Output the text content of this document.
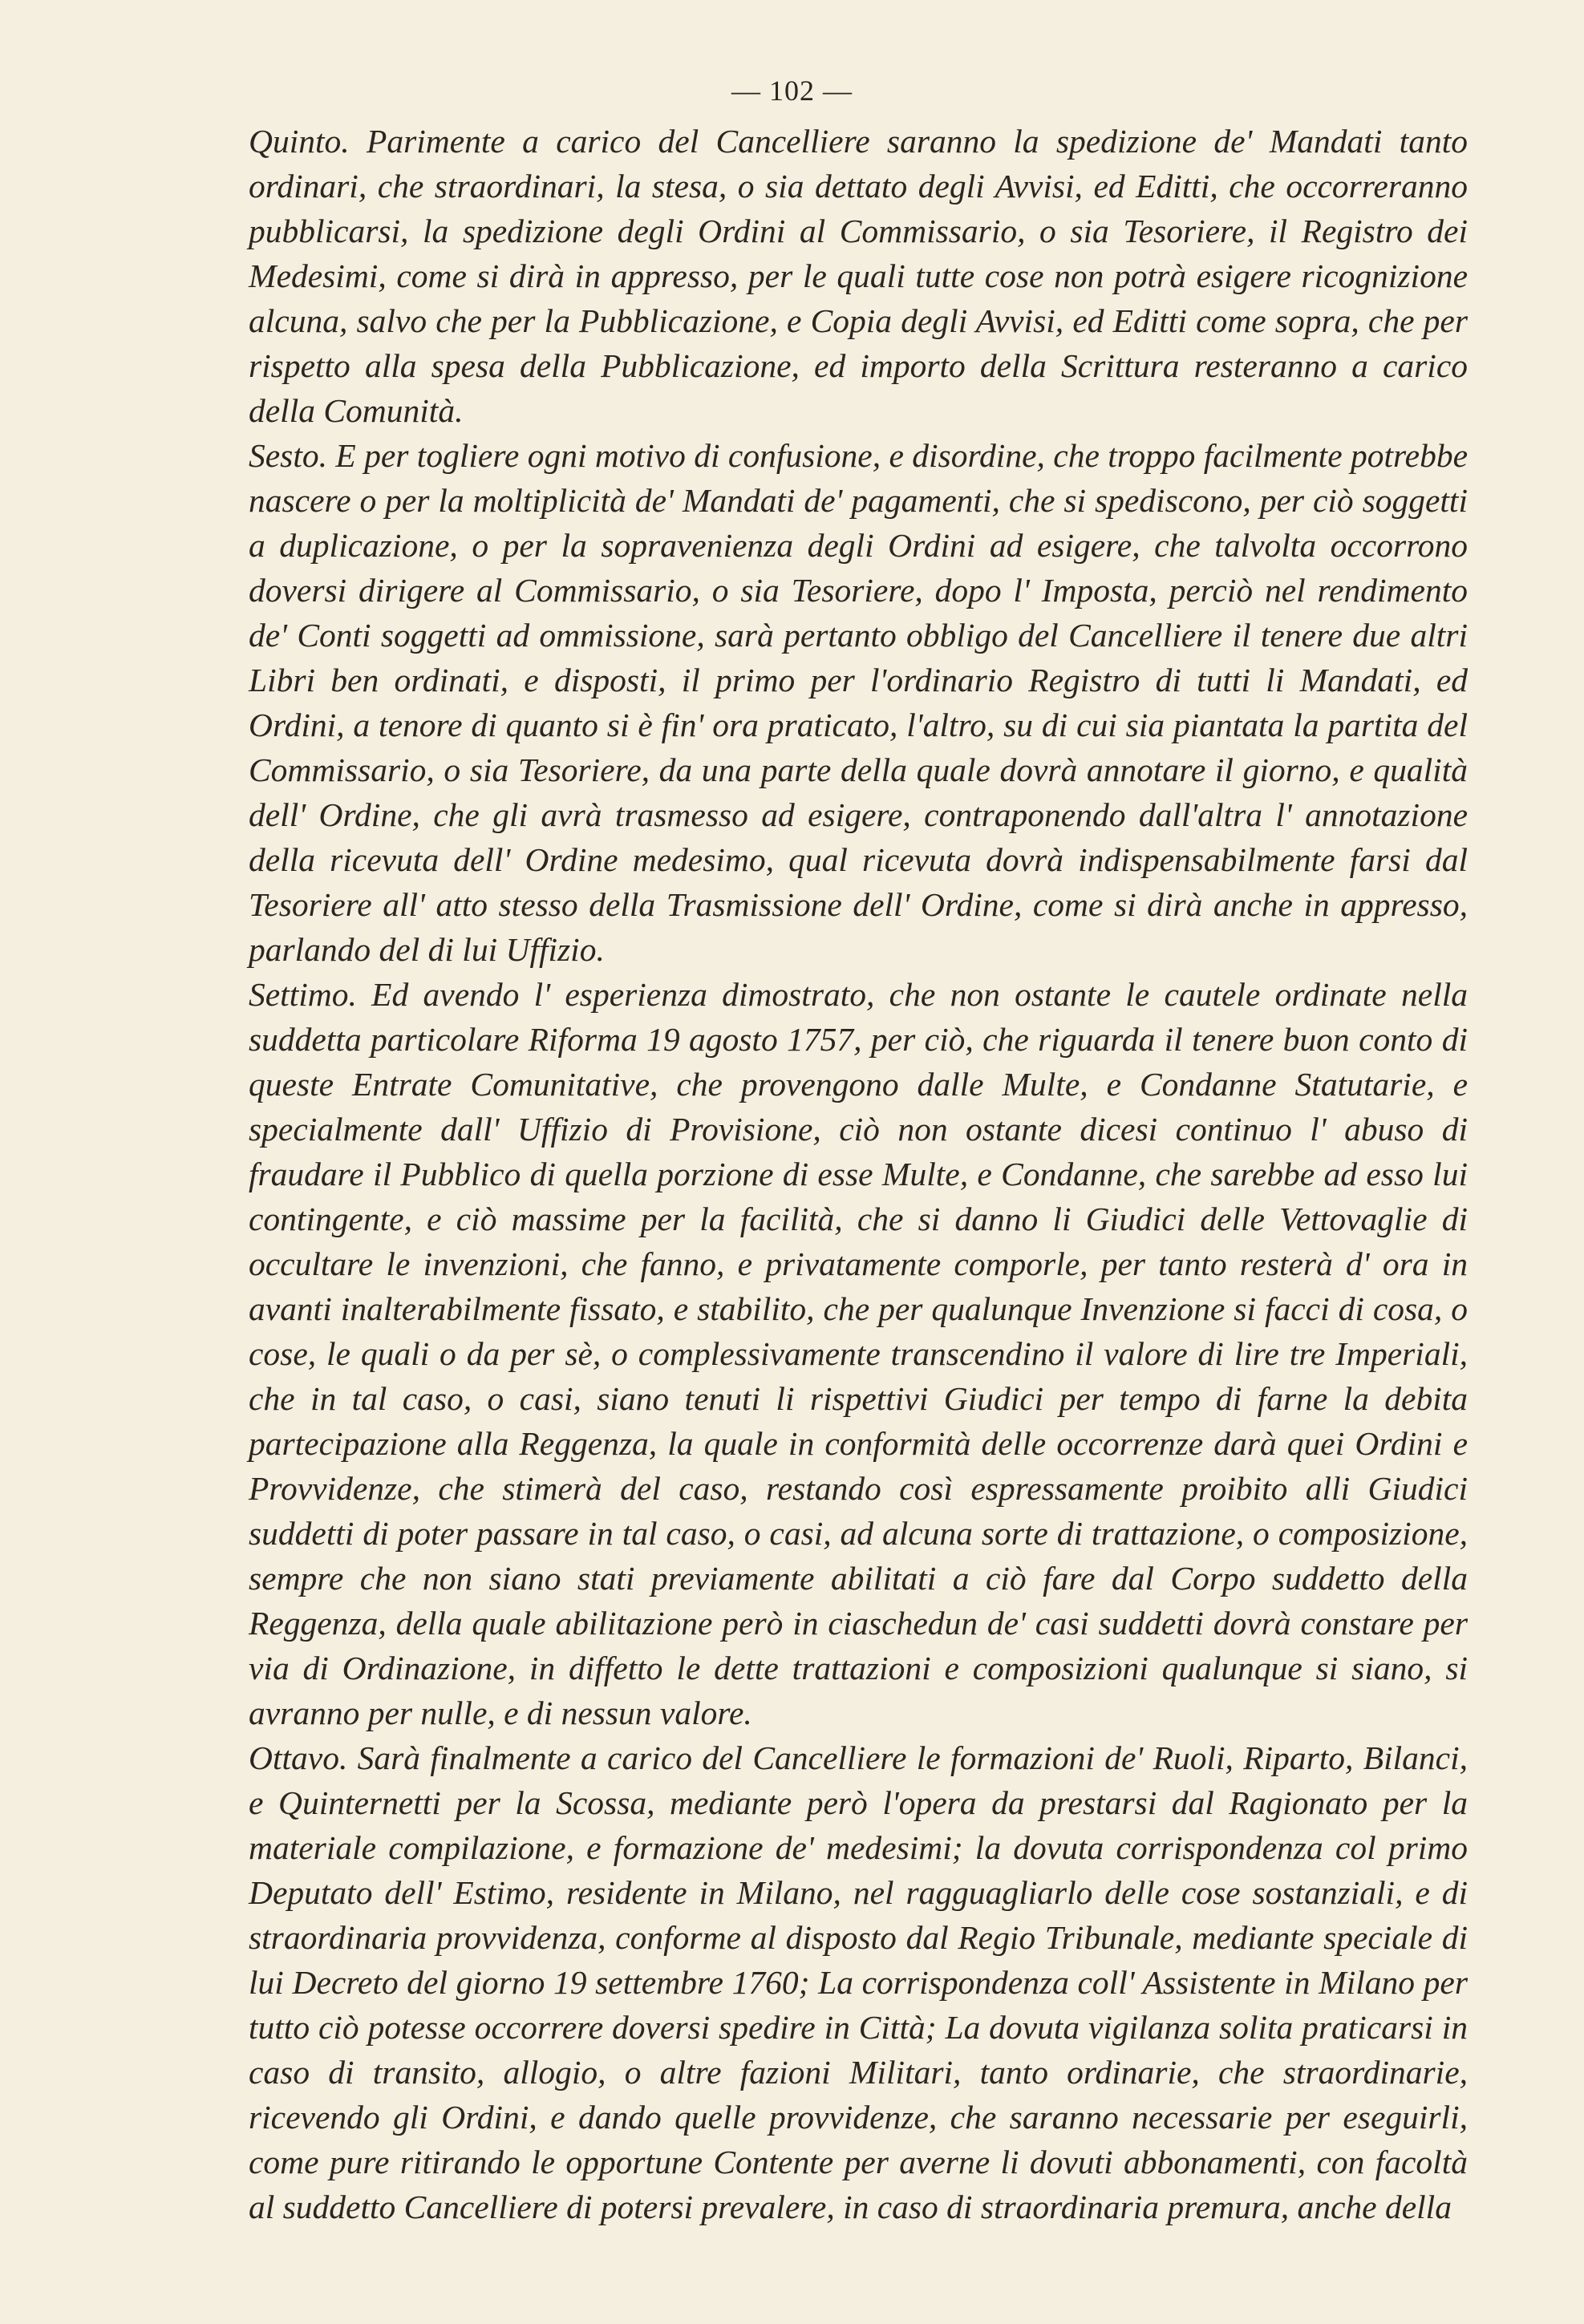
— 102 —

Quinto. Parimente a carico del Cancelliere saranno la spedizione de' Mandati tanto ordinari, che straordinari, la stesa, o sia dettato degli Avvisi, ed Editti, che occorreranno pubblicarsi, la spedizione degli Ordini al Commissario, o sia Tesoriere, il Registro dei Medesimi, come si dirà in appresso, per le quali tutte cose non potrà esigere ricognizione alcuna, salvo che per la Pubblicazione, e Copia degli Avvisi, ed Editti come sopra, che per rispetto alla spesa della Pubblicazione, ed importo della Scrittura resteranno a carico della Comunità.

Sesto. E per togliere ogni motivo di confusione, e disordine, che troppo facilmente potrebbe nascere o per la moltiplicità de' Mandati de' pagamenti, che si spediscono, per ciò soggetti a duplicazione, o per la sopravenienza degli Ordini ad esigere, che talvolta occorrono doversi dirigere al Commissario, o sia Tesoriere, dopo l' Imposta, perciò nel rendimento de' Conti soggetti ad ommissione, sarà pertanto obbligo del Cancelliere il tenere due altri Libri ben ordinati, e disposti, il primo per l'ordinario Registro di tutti li Mandati, ed Ordini, a tenore di quanto si è fin' ora praticato, l'altro, su di cui sia piantata la partita del Commissario, o sia Tesoriere, da una parte della quale dovrà annotare il giorno, e qualità dell' Ordine, che gli avrà trasmesso ad esigere, contraponendo dall'altra l' annotazione della ricevuta dell' Ordine medesimo, qual ricevuta dovrà indispensabilmente farsi dal Tesoriere all' atto stesso della Trasmissione dell' Ordine, come si dirà anche in appresso, parlando del di lui Uffizio.

Settimo. Ed avendo l' esperienza dimostrato, che non ostante le cautele ordinate nella suddetta particolare Riforma 19 agosto 1757, per ciò, che riguarda il tenere buon conto di queste Entrate Comunitative, che provengono dalle Multe, e Condanne Statutarie, e specialmente dall' Uffizio di Provisione, ciò non ostante dicesi continuo l' abuso di fraudare il Pubblico di quella porzione di esse Multe, e Condanne, che sarebbe ad esso lui contingente, e ciò massime per la facilità, che si danno li Giudici delle Vettovaglie di occultare le invenzioni, che fanno, e privatamente comporle, per tanto resterà d' ora in avanti inalterabilmente fissato, e stabilito, che per qualunque Invenzione si facci di cosa, o cose, le quali o da per sè, o complessivamente transcendino il valore di lire tre Imperiali, che in tal caso, o casi, siano tenuti li rispettivi Giudici per tempo di farne la debita partecipazione alla Reggenza, la quale in conformità delle occorrenze darà quei Ordini e Provvidenze, che stimerà del caso, restando così espressamente proibito alli Giudici suddetti di poter passare in tal caso, o casi, ad alcuna sorte di trattazione, o composizione, sempre che non siano stati previamente abilitati a ciò fare dal Corpo suddetto della Reggenza, della quale abilitazione però in ciaschedun de' casi suddetti dovrà constare per via di Ordinazione, in diffetto le dette trattazioni e composizioni qualunque si siano, si avranno per nulle, e di nessun valore.

Ottavo. Sarà finalmente a carico del Cancelliere le formazioni de' Ruoli, Riparto, Bilanci, e Quinternetti per la Scossa, mediante però l'opera da prestarsi dal Ragionato per la materiale compilazione, e formazione de' medesimi; la dovuta corrispondenza col primo Deputato dell' Estimo, residente in Milano, nel ragguagliarlo delle cose sostanziali, e di straordinaria provvidenza, conforme al disposto dal Regio Tribunale, mediante speciale di lui Decreto del giorno 19 settembre 1760; La corrispondenza coll' Assistente in Milano per tutto ciò potesse occorrere doversi spedire in Città; La dovuta vigilanza solita praticarsi in caso di transito, allogio, o altre fazioni Militari, tanto ordinarie, che straordinarie, ricevendo gli Ordini, e dando quelle provvidenze, che saranno necessarie per eseguirli, come pure ritirando le opportune Contente per averne li dovuti abbonamenti, con facoltà al suddetto Cancelliere di potersi prevalere, in caso di straordinaria premura, anche della
